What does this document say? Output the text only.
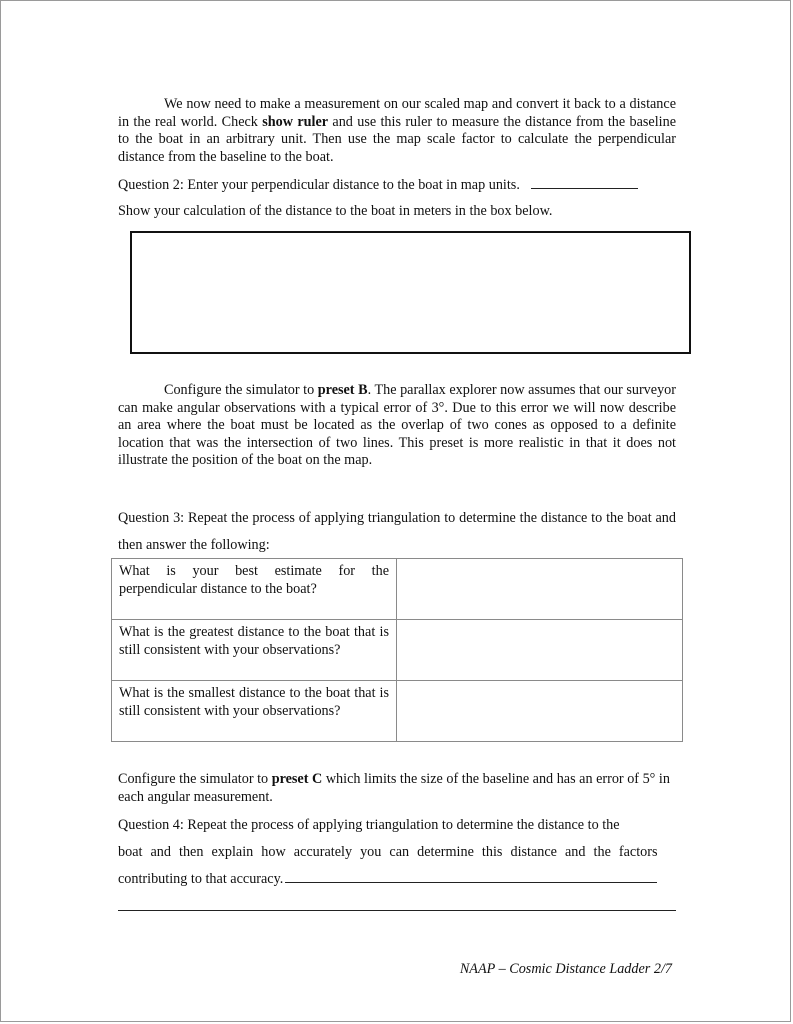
We now need to make a measurement on our scaled map and convert it back to a distance in the real world. Check show ruler and use this ruler to measure the distance from the baseline to the boat in an arbitrary unit. Then use the map scale factor to calculate the perpendicular distance from the baseline to the boat.
Question 2: Enter your perpendicular distance to the boat in map units.
Show your calculation of the distance to the boat in meters in the box below.
Configure the simulator to preset B. The parallax explorer now assumes that our surveyor can make angular observations with a typical error of 3°. Due to this error we will now describe an area where the boat must be located as the overlap of two cones as opposed to a definite location that was the intersection of two lines. This preset is more realistic in that it does not illustrate the position of the boat on the map.
Question 3: Repeat the process of applying triangulation to determine the distance to the boat and then answer the following:
What is your best estimate for the perpendicular distance to the boat?	
What is the greatest distance to the boat that is still consistent with your observations?	
What is the smallest distance to the boat that is still consistent with your observations?	
Configure the simulator to preset C which limits the size of the baseline and has an error of 5° in each angular measurement.
Question 4: Repeat the process of applying triangulation to determine the distance to the
boat and then explain how accurately you can determine this distance and the factors
contributing to that accuracy.
NAAP – Cosmic Distance Ladder 2/7
